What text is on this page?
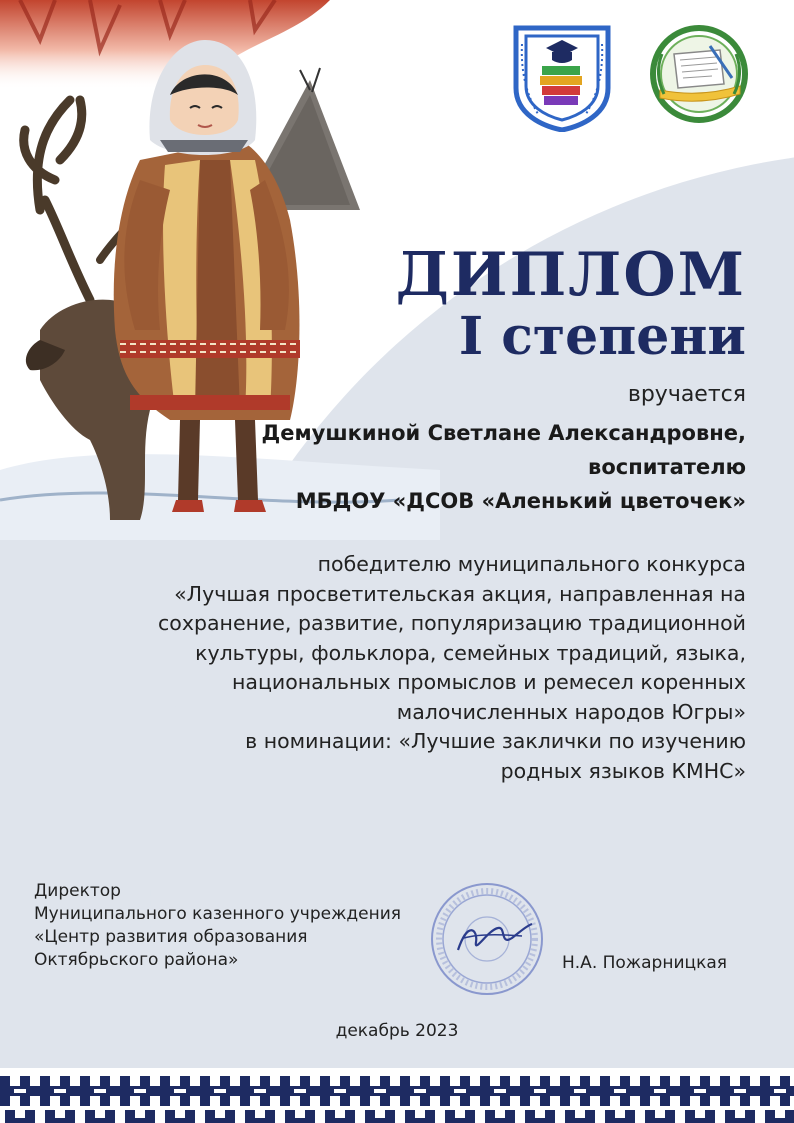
ДИПЛОМ
I степени
вручается
Демушкиной Светлане Александровне,
воспитателю
МБДОУ «ДСОВ «Аленький цветочек»
победителю муниципального конкурса
«Лучшая просветительская акция, направленная на
сохранение, развитие, популяризацию традиционной
культуры, фольклора, семейных традиций, языка,
национальных промыслов и ремесел коренных
малочисленных народов Югры»
в номинации: «Лучшие заклички по изучению
родных языков КМНС»
Директор
Муниципального казенного учреждения
«Центр развития образования
Октябрьского района»	Н.А. Пожарницкая
декабрь 2023
